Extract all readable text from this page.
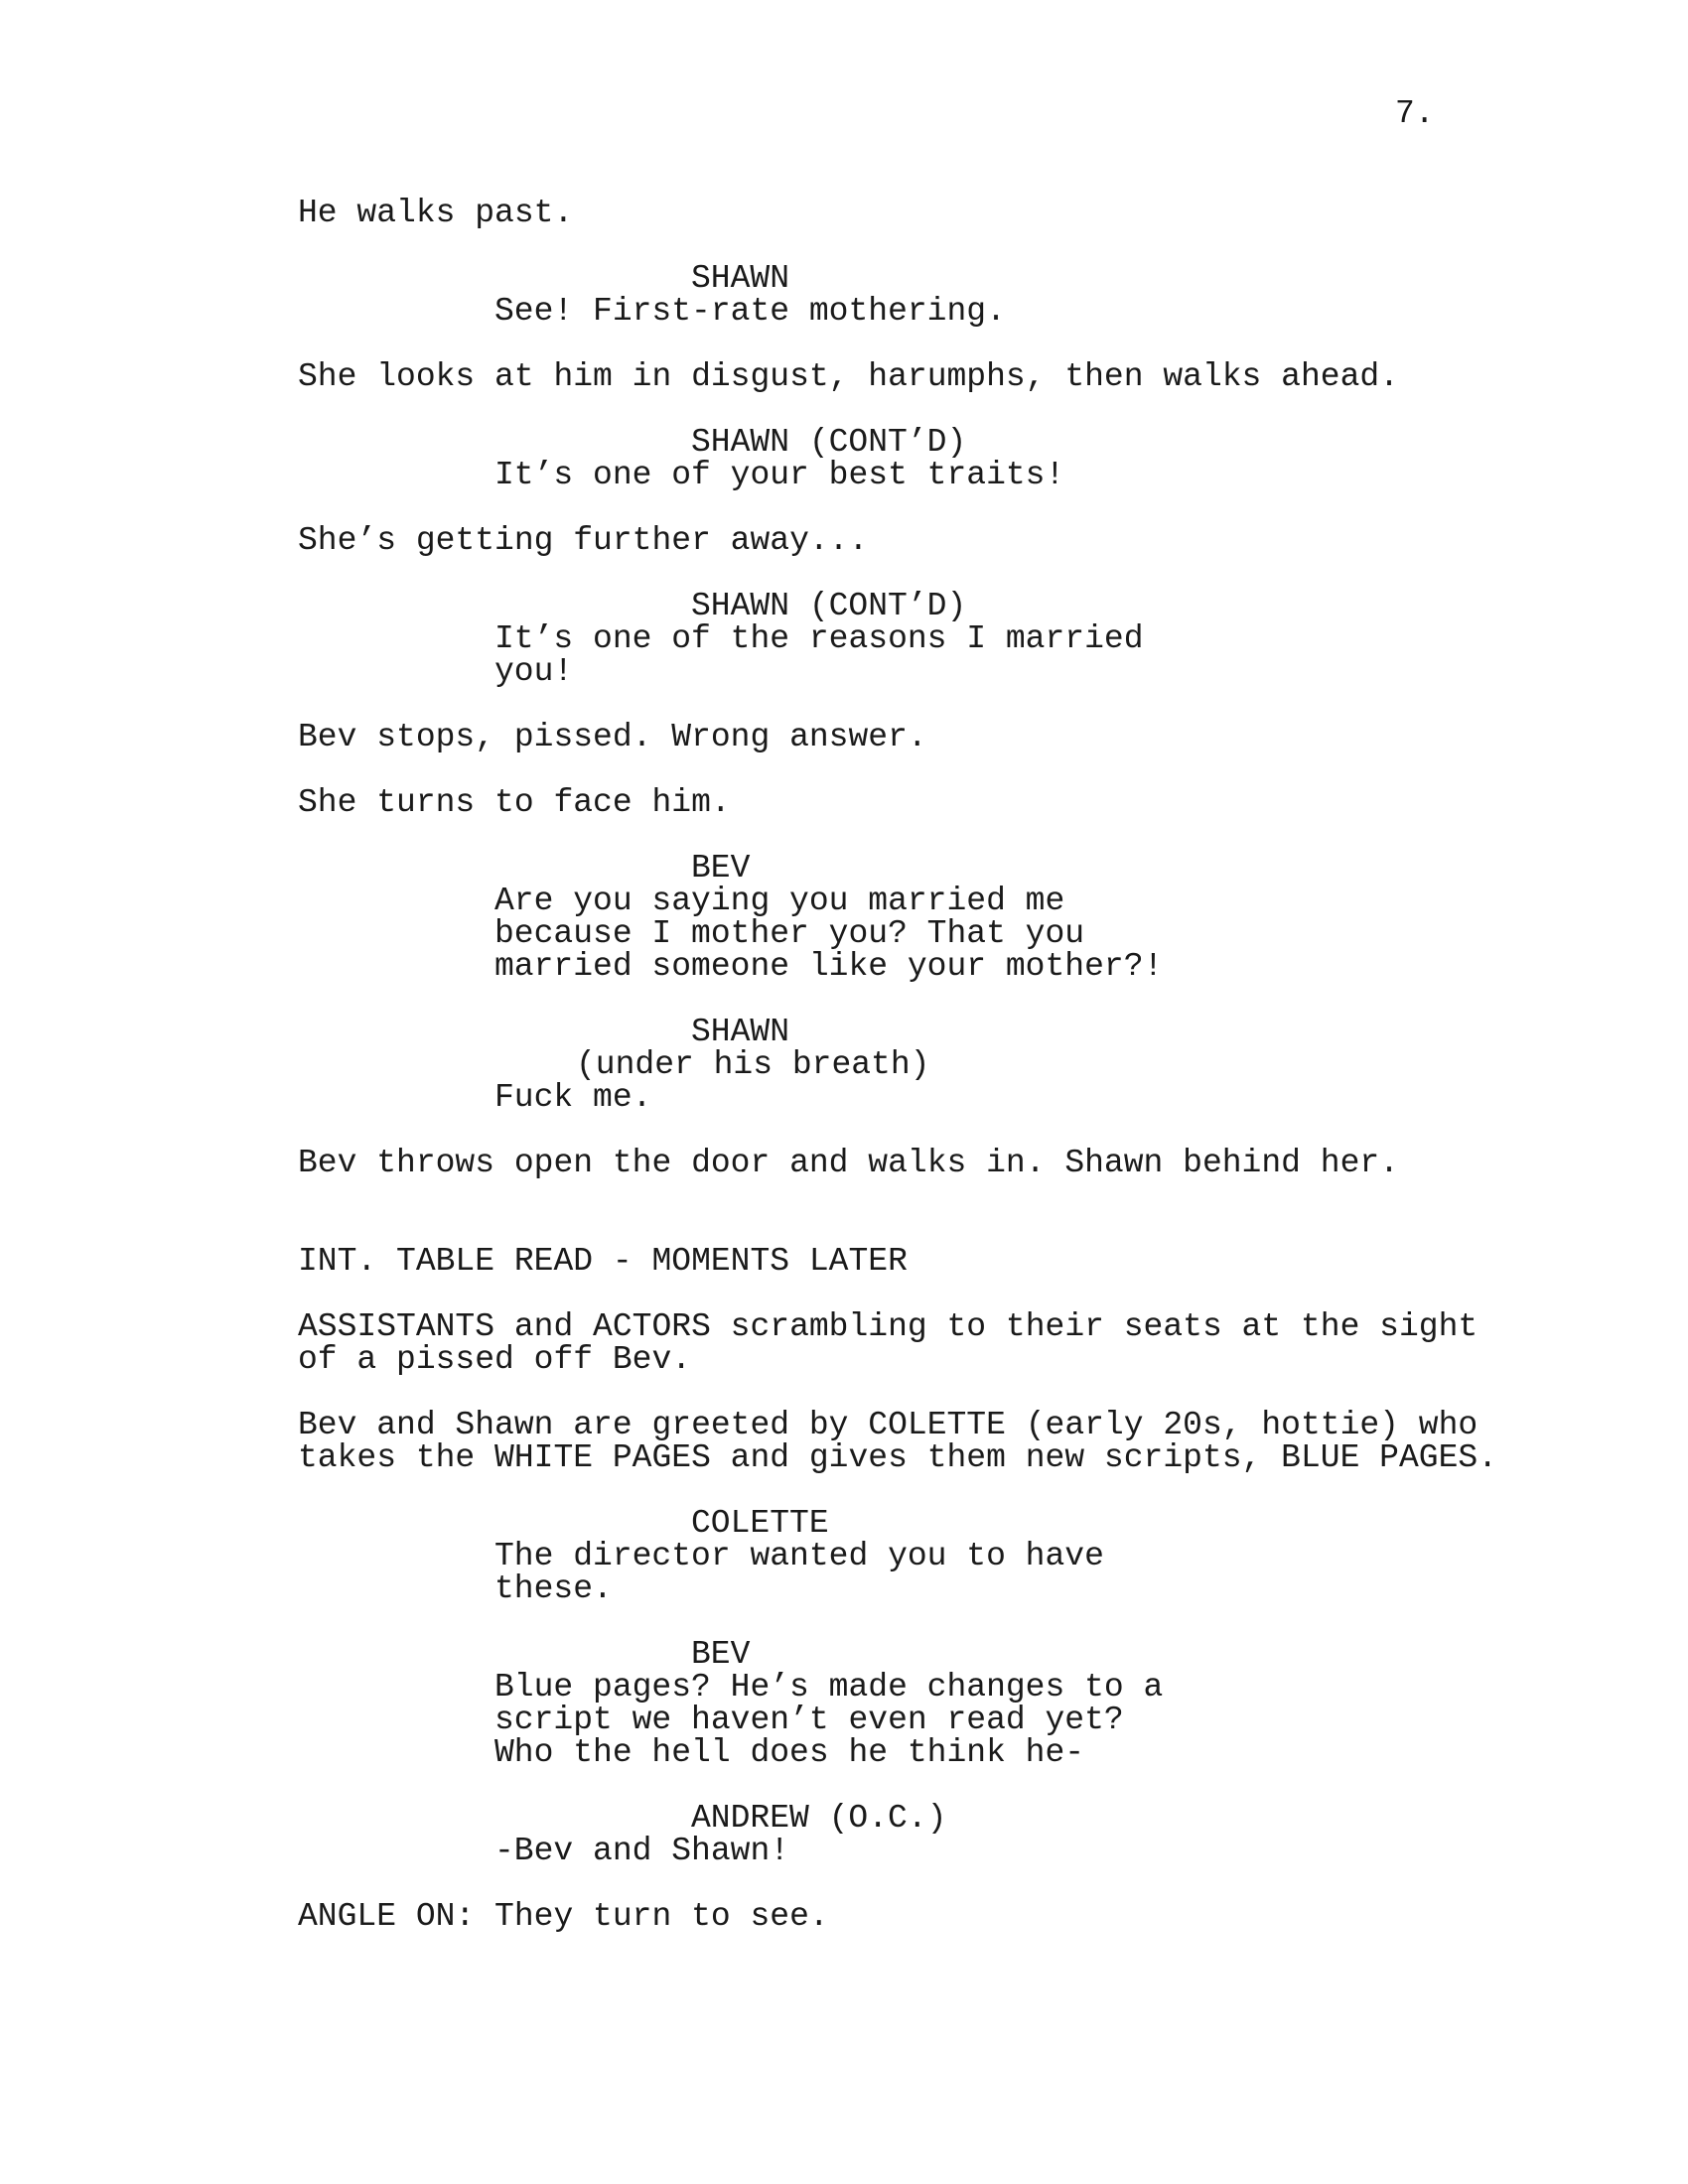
7.

He walks past.

SHAWN

See! First-rate mothering.

She looks at him in disgust, harumphs, then walks ahead.

SHAWN (CONT’D)

It’s one of your best traits!

She’s getting further away...

SHAWN (CONT’D)

It’s one of the reasons I married

you!

Bev stops, pissed. Wrong answer.

She turns to face him.

BEV

Are you saying you married me

because I mother you? That you

married someone like your mother?!

SHAWN

(under his breath)

Fuck me.

Bev throws open the door and walks in. Shawn behind her.

INT. TABLE READ - MOMENTS LATER

ASSISTANTS and ACTORS scrambling to their seats at the sight

of a pissed off Bev.

Bev and Shawn are greeted by COLETTE (early 20s, hottie) who

takes the WHITE PAGES and gives them new scripts, BLUE PAGES.

COLETTE

The director wanted you to have

these.

BEV

Blue pages? He’s made changes to a

script we haven’t even read yet?

Who the hell does he think he-

ANDREW (O.C.)

-Bev and Shawn!

ANGLE ON: They turn to see.
